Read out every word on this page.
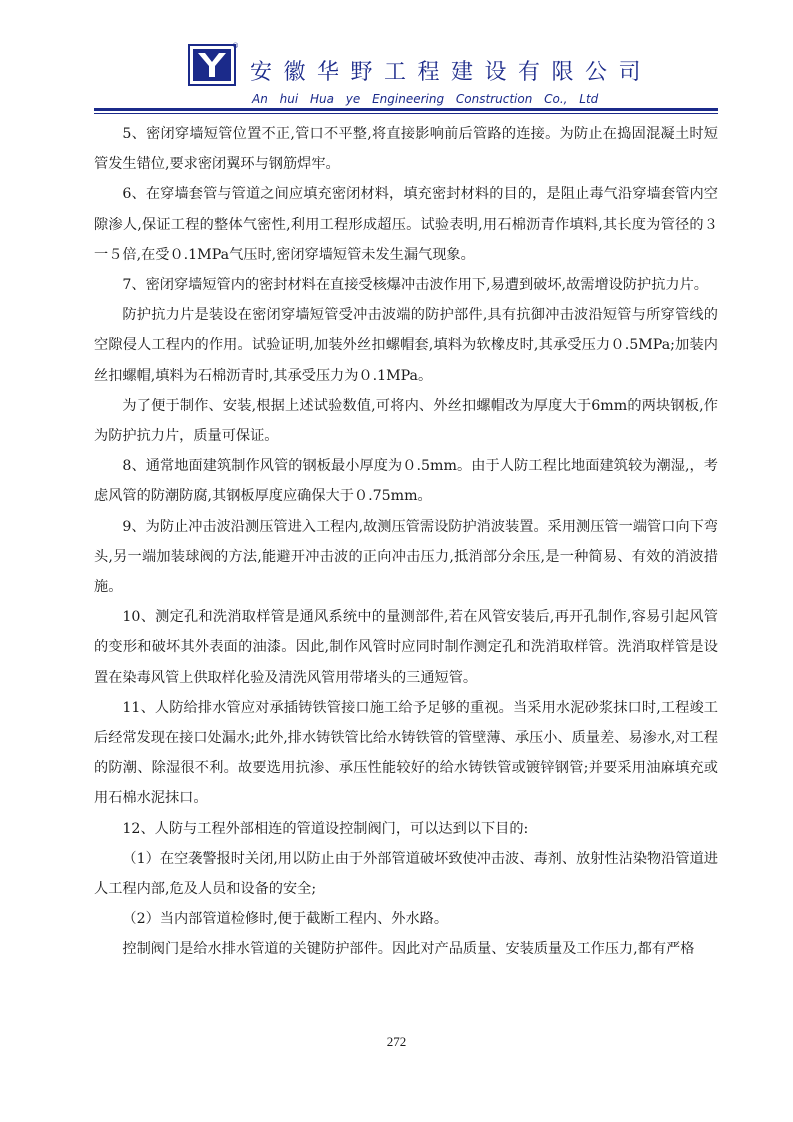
®
安徽华野工程建设有限公司
An hui Hua ye Engineering Construction Co., Ltd

5、密闭穿墙短管位置不正,管口不平整,将直接影响前后管路的连接。为防止在捣固混凝土时短管发生错位,要求密闭翼环与钢筋焊牢。

6、在穿墙套管与管道之间应填充密闭材料，填充密封材料的目的，是阻止毒气沿穿墙套管内空隙渗人,保证工程的整体气密性,利用工程形成超压。试验表明,用石棉沥青作填料,其长度为管径的３一５倍,在受０.1MPa气压时,密闭穿墙短管未发生漏气现象。

7、密闭穿墙短管内的密封材料在直接受核爆冲击波作用下,易遭到破坏,故需增设防护抗力片。

防护抗力片是装设在密闭穿墙短管受冲击波端的防护部件,具有抗御冲击波沿短管与所穿管线的空隙侵人工程内的作用。试验证明,加装外丝扣螺帽套,填料为软橡皮时,其承受压力０.5MPa;加装内丝扣螺帽,填料为石棉沥青时,其承受压力为０.1MPa。

为了便于制作、安装,根据上述试验数值,可将内、外丝扣螺帽改为厚度大于6mm的两块钢板,作为防护抗力片，质量可保证。

8、通常地面建筑制作风管的钢板最小厚度为０.5mm。由于人防工程比地面建筑较为潮湿,，考虑风管的防潮防腐,其钢板厚度应确保大于０.75mm。

9、为防止冲击波沿测压管进入工程内,故测压管需设防护消波装置。采用测压管一端管口向下弯头,另一端加装球阀的方法,能避开冲击波的正向冲击压力,抵消部分余压,是一种简易、有效的消波措施。

10、测定孔和洗消取样管是通风系统中的量测部件,若在风管安装后,再开孔制作,容易引起风管的变形和破坏其外表面的油漆。因此,制作风管时应同时制作测定孔和洗消取样管。洗消取样管是设置在染毒风管上供取样化验及清洗风管用带堵头的三通短管。

11、人防给排水管应对承插铸铁管接口施工给予足够的重视。当采用水泥砂浆抹口时,工程竣工后经常发现在接口处漏水;此外,排水铸铁管比给水铸铁管的管壁薄、承压小、质量差、易渗水,对工程的防潮、除湿很不利。故要选用抗渗、承压性能较好的给水铸铁管或镀锌钢管;并要采用油麻填充或用石棉水泥抹口。

12、人防与工程外部相连的管道设控制阀门，可以达到以下目的:

（1）在空袭警报时关闭,用以防止由于外部管道破坏致使冲击波、毒剂、放射性沾染物沿管道进人工程内部,危及人员和设备的安全;

（2）当内部管道检修时,便于截断工程内、外水路。

控制阀门是给水排水管道的关键防护部件。因此对产品质量、安装质量及工作压力,都有严格

272
